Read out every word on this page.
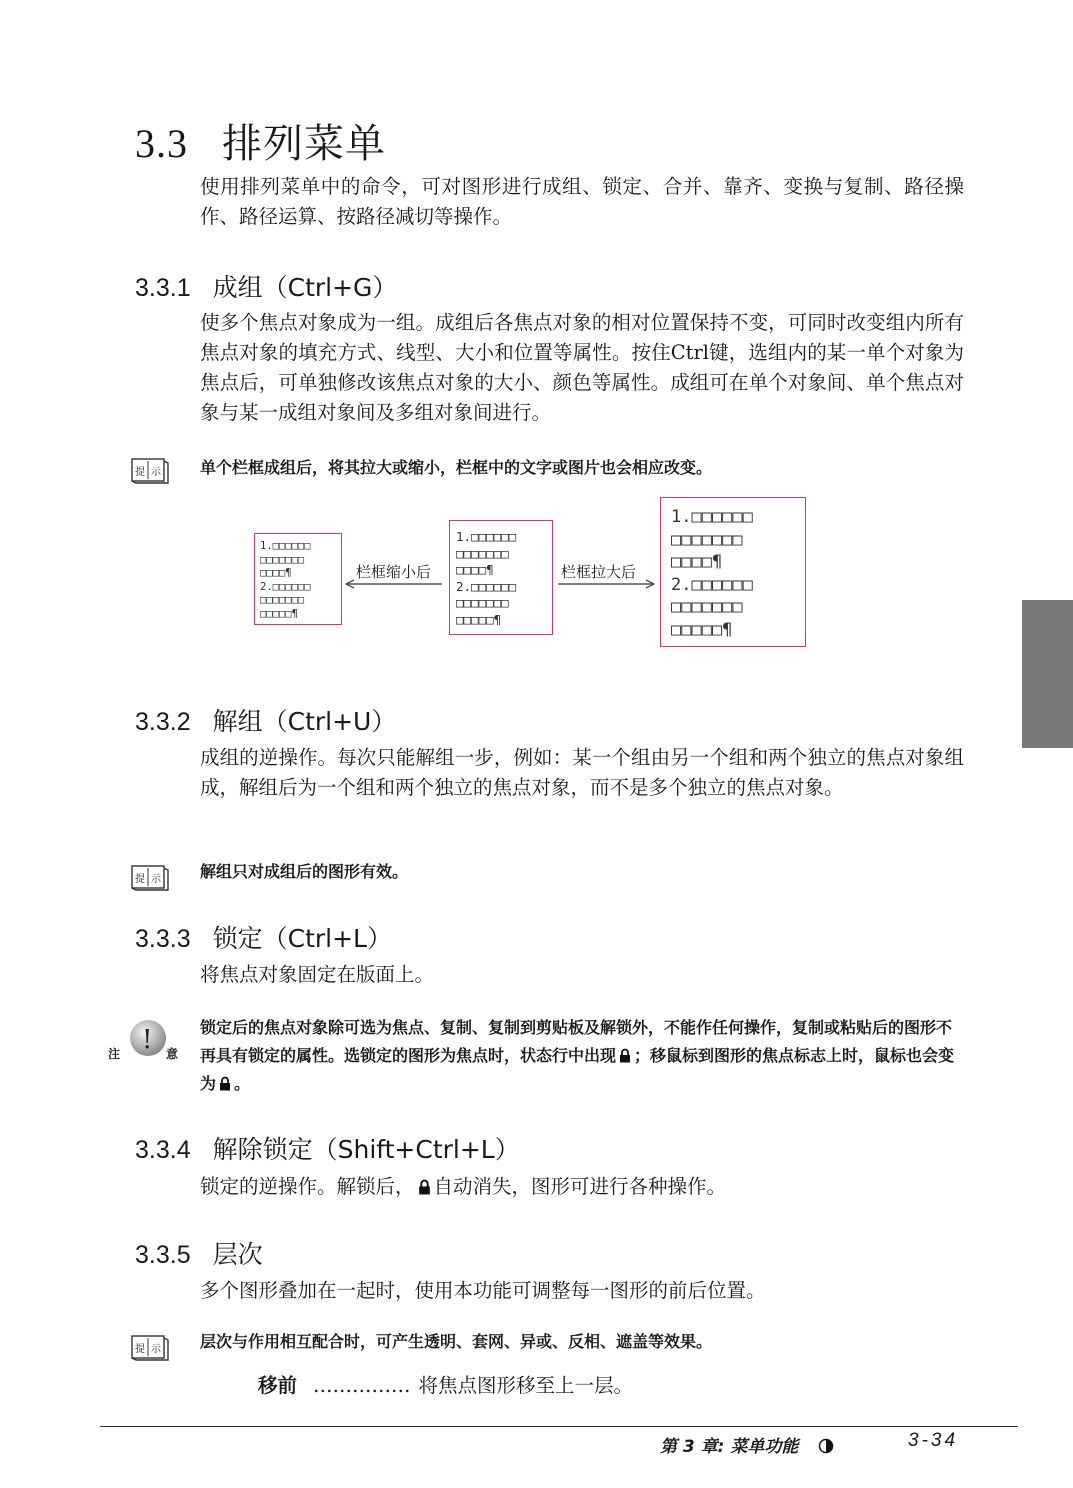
3.3 排列菜单
使用排列菜单中的命令，可对图形进行成组、锁定、合并、靠齐、变换与复制、路径操作、路径运算、按路径减切等操作。
3.3.1 成组（Ctrl+G）
使多个焦点对象成为一组。成组后各焦点对象的相对位置保持不变，可同时改变组内所有焦点对象的填充方式、线型、大小和位置等属性。按住Ctrl键，选组内的某一单个对象为焦点后，可单独修改该焦点对象的大小、颜色等属性。成组可在单个对象间、单个焦点对象与某一成组对象间及多组对象间进行。
提 示 单个栏框成组后，将其拉大或缩小，栏框中的文字或图片也会相应改变。
1.□□□□□□
□□□□□□□
□□□□¶
2.□□□□□□
□□□□□□□
□□□□□¶
栏框缩小后
1.□□□□□□
□□□□□□□
□□□□¶
2.□□□□□□
□□□□□□□
□□□□□¶
栏框拉大后
1.□□□□□□
□□□□□□□
□□□□¶
2.□□□□□□
□□□□□□□
□□□□□¶
3.3.2 解组（Ctrl+U）
成组的逆操作。每次只能解组一步，例如：某一个组由另一个组和两个独立的焦点对象组成，解组后为一个组和两个独立的焦点对象，而不是多个独立的焦点对象。
提 示 解组只对成组后的图形有效。
3.3.3 锁定（Ctrl+L）
将焦点对象固定在版面上。
!
注	意
锁定后的焦点对象除可选为焦点、复制、复制到剪贴板及解锁外，不能作任何操作，复制或粘贴后的图形不再具有锁定的属性。选锁定的图形为焦点时，状态行中出现 ；移鼠标到图形的焦点标志上时，鼠标也会变为 。
3.3.4 解除锁定（Shift+Ctrl+L）
锁定的逆操作。解锁后， 自动消失，图形可进行各种操作。
3.3.5 层次
多个图形叠加在一起时，使用本功能可调整每一图形的前后位置。
提 示 层次与作用相互配合时，可产生透明、套网、异或、反相、遮盖等效果。
移前 …………… 将焦点图形移至上一层。
第 3 章: 菜单功能	3-34
